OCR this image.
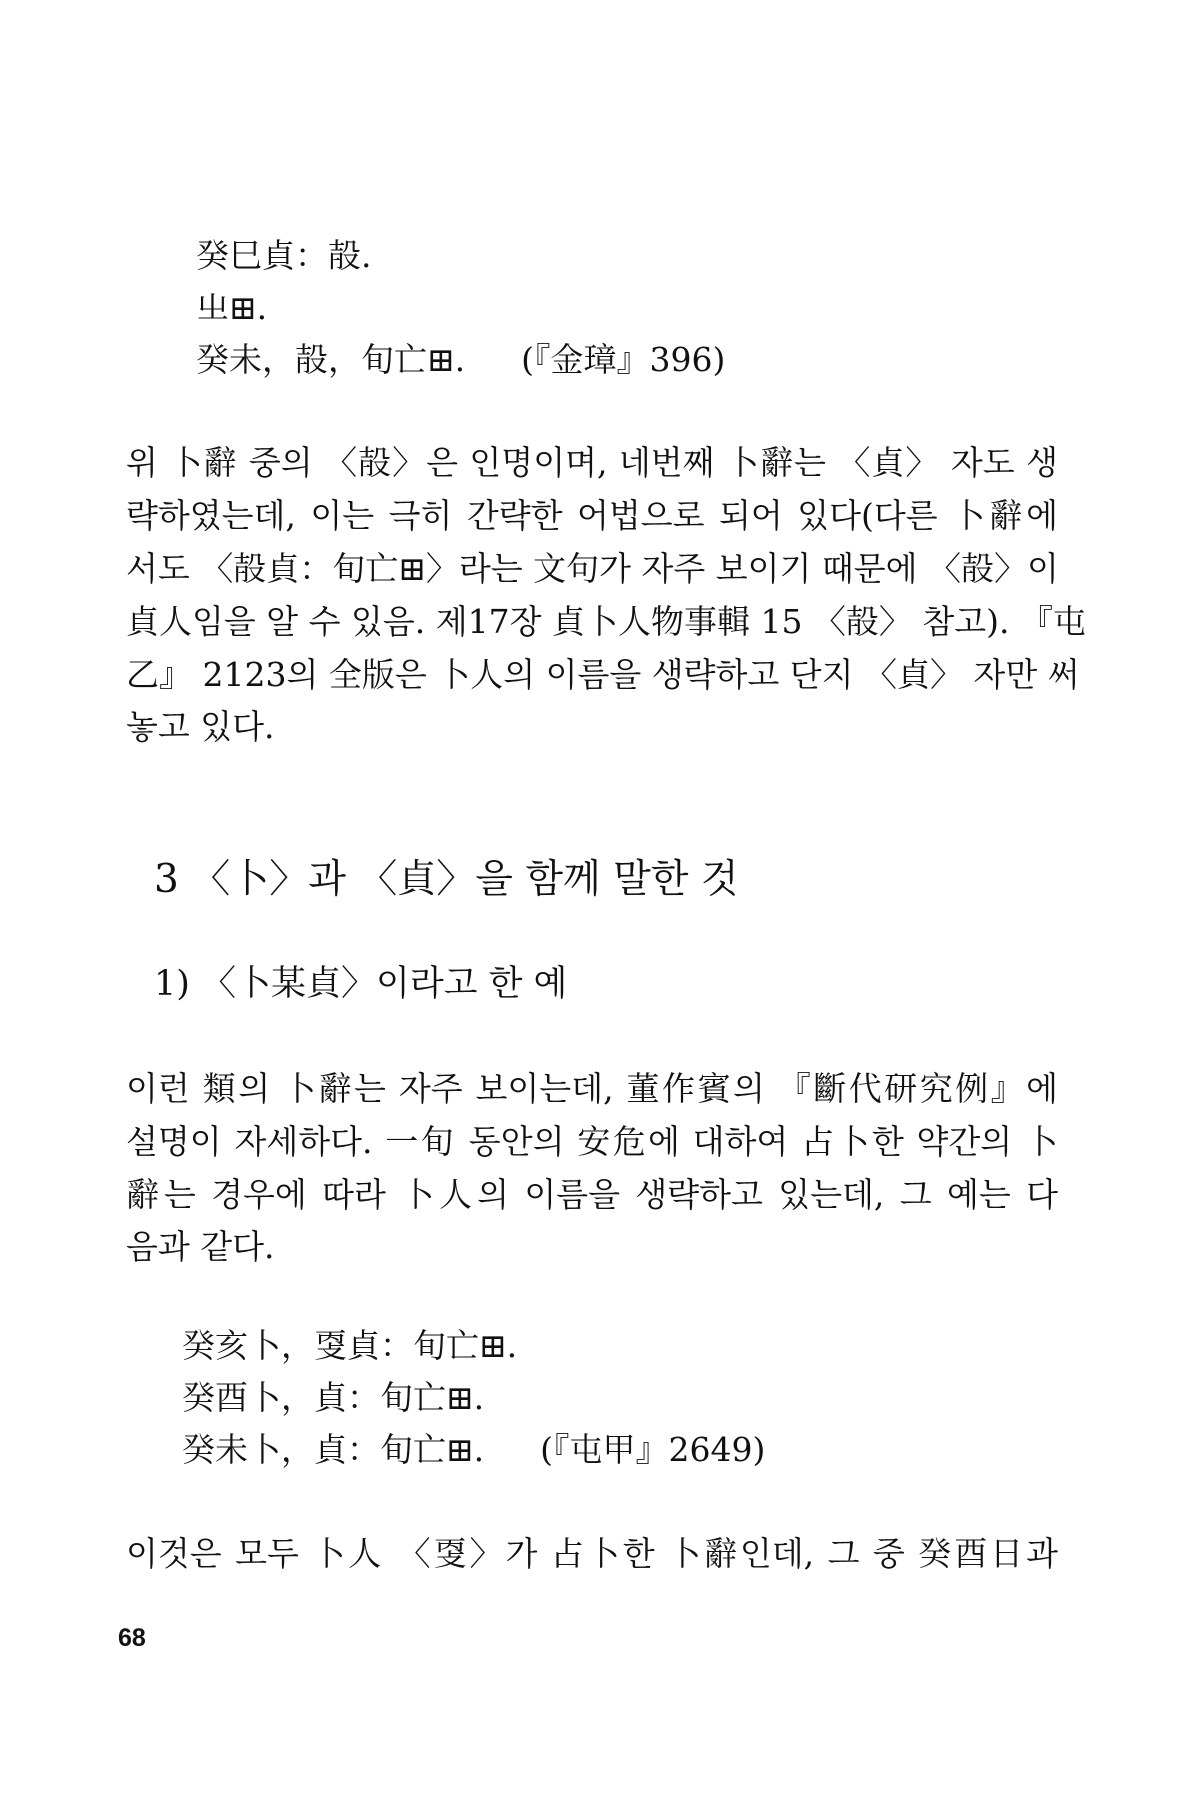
癸巳貞：㱿.
㞢⊞.
癸未，㱿，旬亡⊞. (『金璋』396)
위 卜辭 중의 〈㱿〉은 인명이며, 네번째 卜辭는 〈貞〉 자도 생
략하였는데, 이는 극히 간략한 어법으로 되어 있다(다른 卜辭에
서도 〈㱿貞：旬亡⊞〉라는 文句가 자주 보이기 때문에 〈㱿〉이
貞人임을 알 수 있음. 제17장 貞卜人物事輯 15 〈㱿〉 참고). 『屯
乙』 2123의 全版은 卜人의 이름을 생략하고 단지 〈貞〉 자만 써
놓고 있다.
3 〈卜〉과 〈貞〉을 함께 말한 것
1) 〈卜某貞〉이라고 한 예
이런 類의 卜辭는 자주 보이는데, 董作賓의 『斷代研究例』에
설명이 자세하다. 一旬 동안의 安危에 대하여 占卜한 약간의 卜
辭는 경우에 따라 卜人의 이름을 생략하고 있는데, 그 예는 다
음과 같다.
癸亥卜，㪅貞：旬亡⊞.
癸酉卜，貞：旬亡⊞.
癸未卜，貞：旬亡⊞. (『屯甲』2649)
이것은 모두 卜人 〈㪅〉가 占卜한 卜辭인데, 그 중 癸酉日과
68
